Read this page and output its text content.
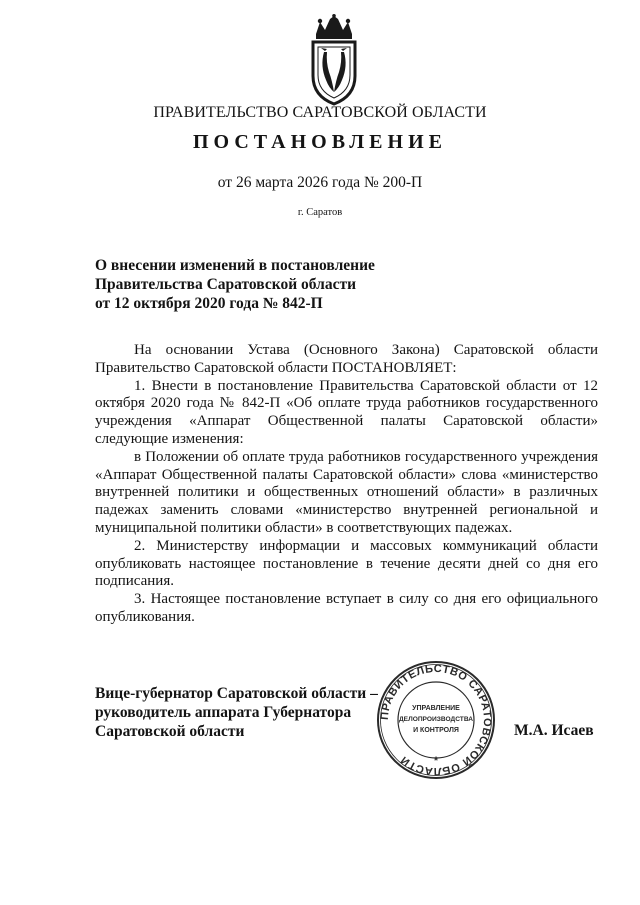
ПРАВИТЕЛЬСТВО САРАТОВСКОЙ ОБЛАСТИ
ПОСТАНОВЛЕНИЕ
от 26 марта 2026 года № 200-П
г. Саратов
О внесении изменений в постановление
Правительства Саратовской области
от 12 октября 2020 года № 842-П

На основании Устава (Основного Закона) Саратовской области Правительство Саратовской области ПОСТАНОВЛЯЕТ:

1. Внести в постановление Правительства Саратовской области от 12 октября 2020 года № 842-П «Об оплате труда работников государственного учреждения «Аппарат Общественной палаты Саратовской области» следующие изменения:

в Положении об оплате труда работников государственного учреждения «Аппарат Общественной палаты Саратовской области» слова «министерство внутренней политики и общественных отношений области» в различных падежах заменить словами «министерство внутренней региональной и муниципальной политики области» в соответствующих падежах.

2. Министерству информации и массовых коммуникаций области опубликовать настоящее постановление в течение десяти дней со дня его подписания.

3. Настоящее постановление вступает в силу со дня его официального опубликования.

Вице-губернатор Саратовской области –
руководитель аппарата Губернатора
Саратовской области
ПРАВИТЕЛЬСТВО САРАТОВСКОЙ ОБЛАСТИ
УПРАВЛЕНИЕ
ДЕЛОПРОИЗВОДСТВА
И КОНТРОЛЯ
*
М.А. Исаев
